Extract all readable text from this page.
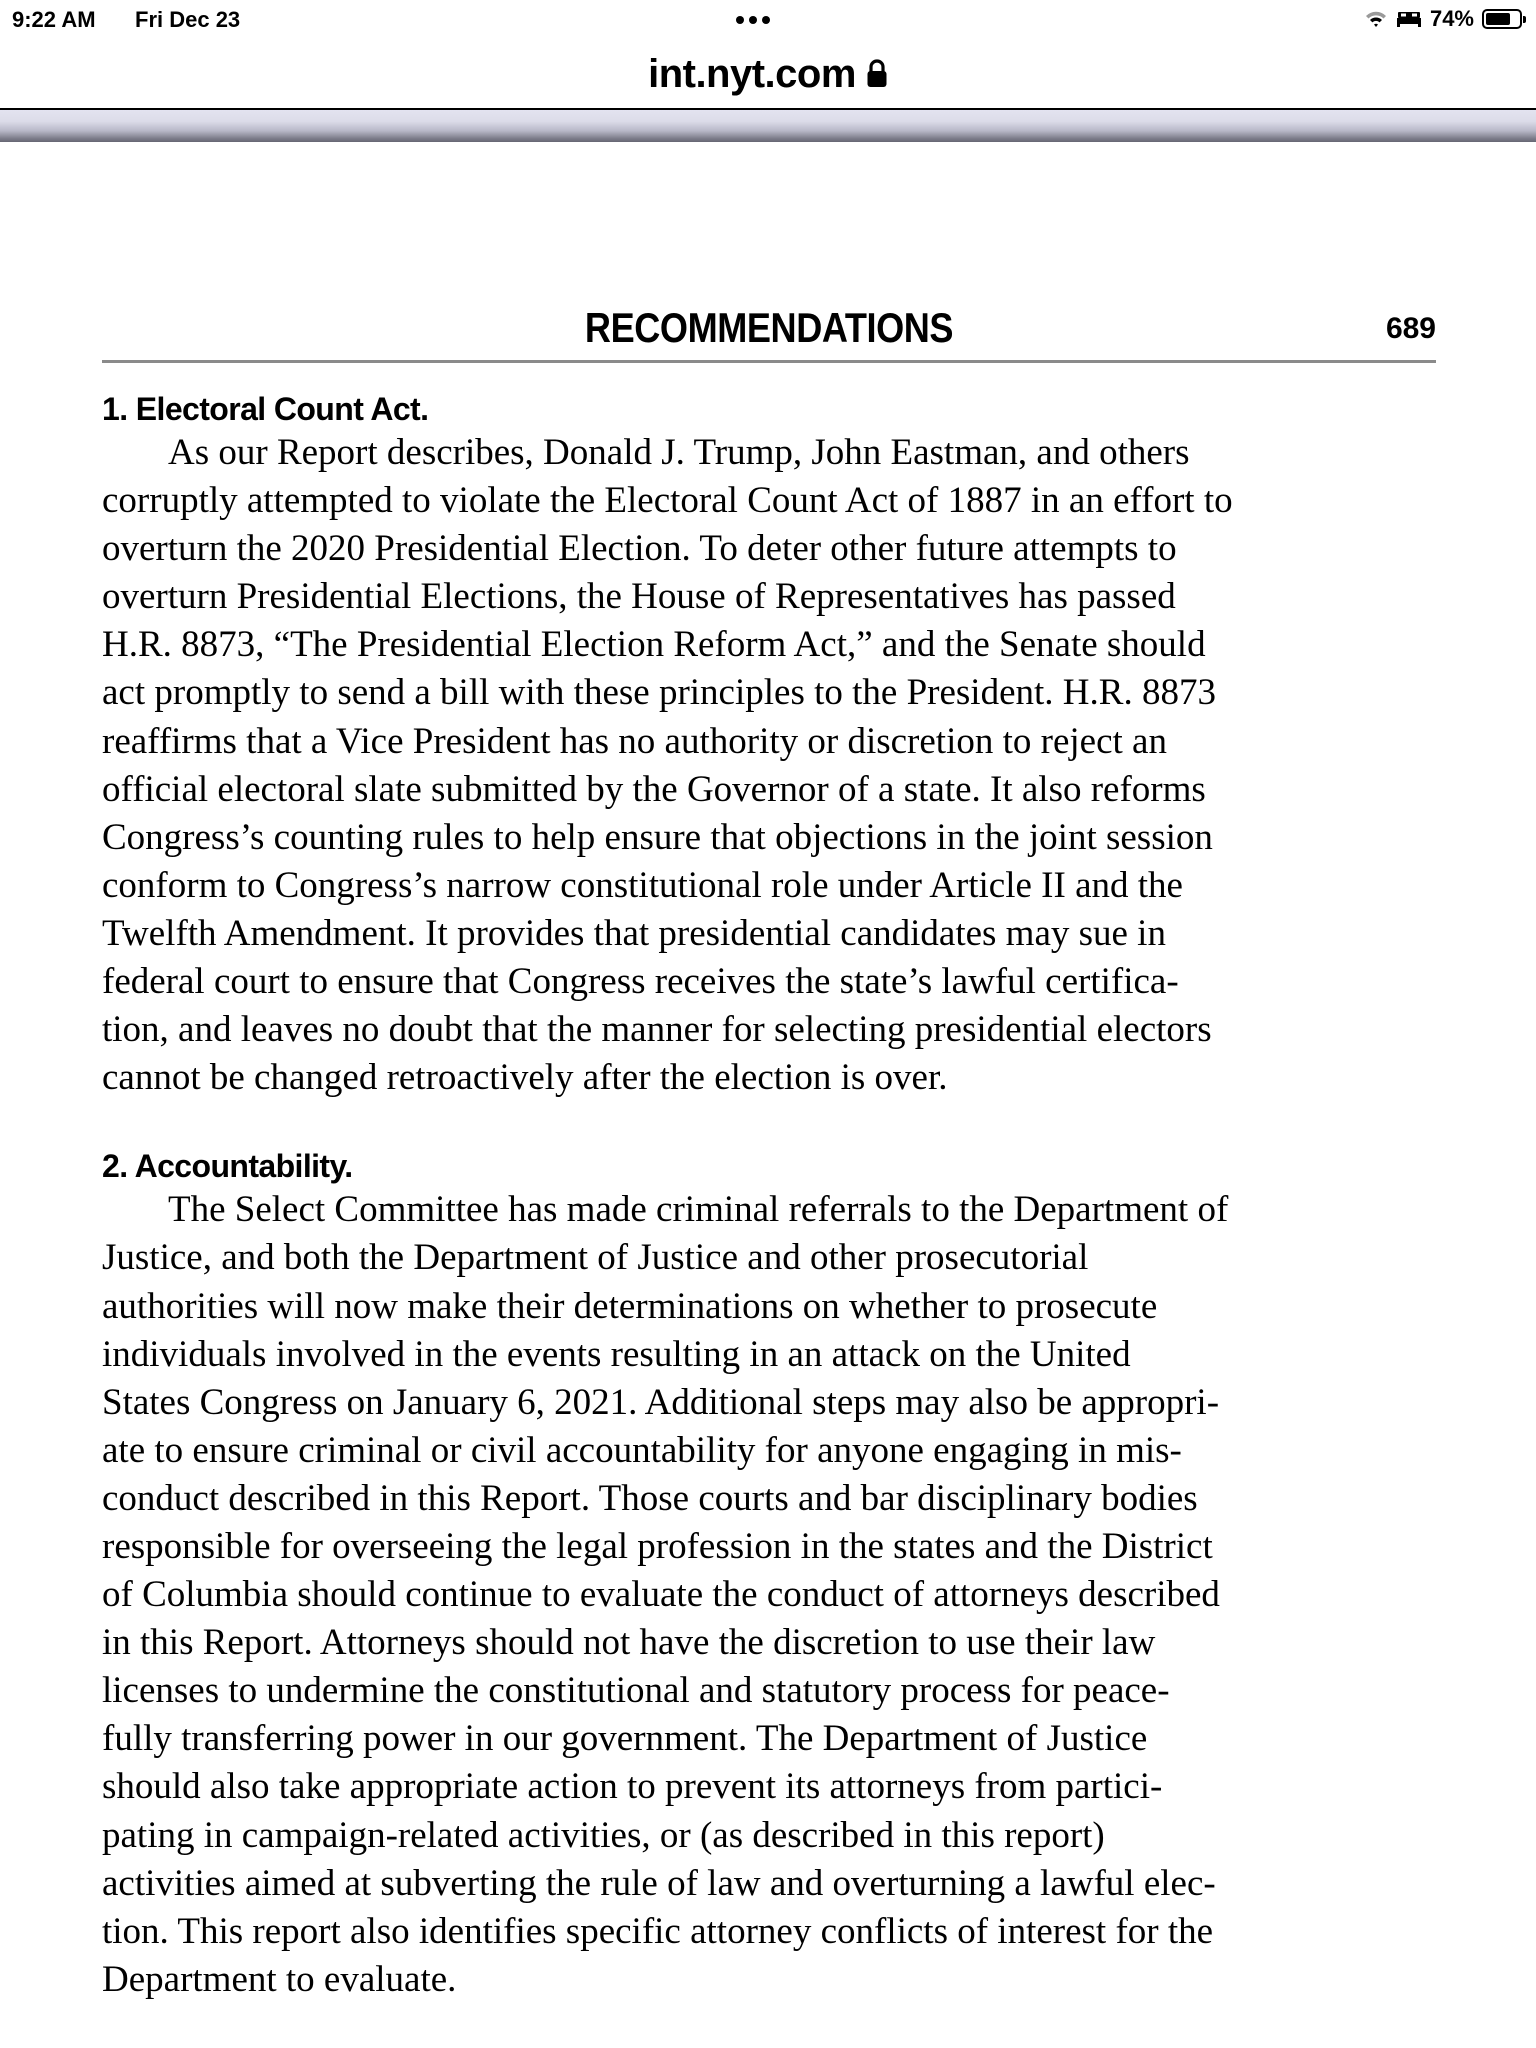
9:22 AM Fri Dec 23	74%
int.nyt.com
RECOMMENDATIONS	689
1. Electoral Count Act.

As our Report describes, Donald J. Trump, John Eastman, and others
corruptly attempted to violate the Electoral Count Act of 1887 in an effort to
overturn the 2020 Presidential Election. To deter other future attempts to
overturn Presidential Elections, the House of Representatives has passed
H.R. 8873, “The Presidential Election Reform Act,” and the Senate should
act promptly to send a bill with these principles to the President. H.R. 8873
reaffirms that a Vice President has no authority or discretion to reject an
official electoral slate submitted by the Governor of a state. It also reforms
Congress’s counting rules to help ensure that objections in the joint session
conform to Congress’s narrow constitutional role under Article II and the
Twelfth Amendment. It provides that presidential candidates may sue in
federal court to ensure that Congress receives the state’s lawful certifica-
tion, and leaves no doubt that the manner for selecting presidential electors
cannot be changed retroactively after the election is over.

2. Accountability.

The Select Committee has made criminal referrals to the Department of
Justice, and both the Department of Justice and other prosecutorial
authorities will now make their determinations on whether to prosecute
individuals involved in the events resulting in an attack on the United
States Congress on January 6, 2021. Additional steps may also be appropri-
ate to ensure criminal or civil accountability for anyone engaging in mis-
conduct described in this Report. Those courts and bar disciplinary bodies
responsible for overseeing the legal profession in the states and the District
of Columbia should continue to evaluate the conduct of attorneys described
in this Report. Attorneys should not have the discretion to use their law
licenses to undermine the constitutional and statutory process for peace-
fully transferring power in our government. The Department of Justice
should also take appropriate action to prevent its attorneys from partici-
pating in campaign-related activities, or (as described in this report)
activities aimed at subverting the rule of law and overturning a lawful elec-
tion. This report also identifies specific attorney conflicts of interest for the
Department to evaluate.
